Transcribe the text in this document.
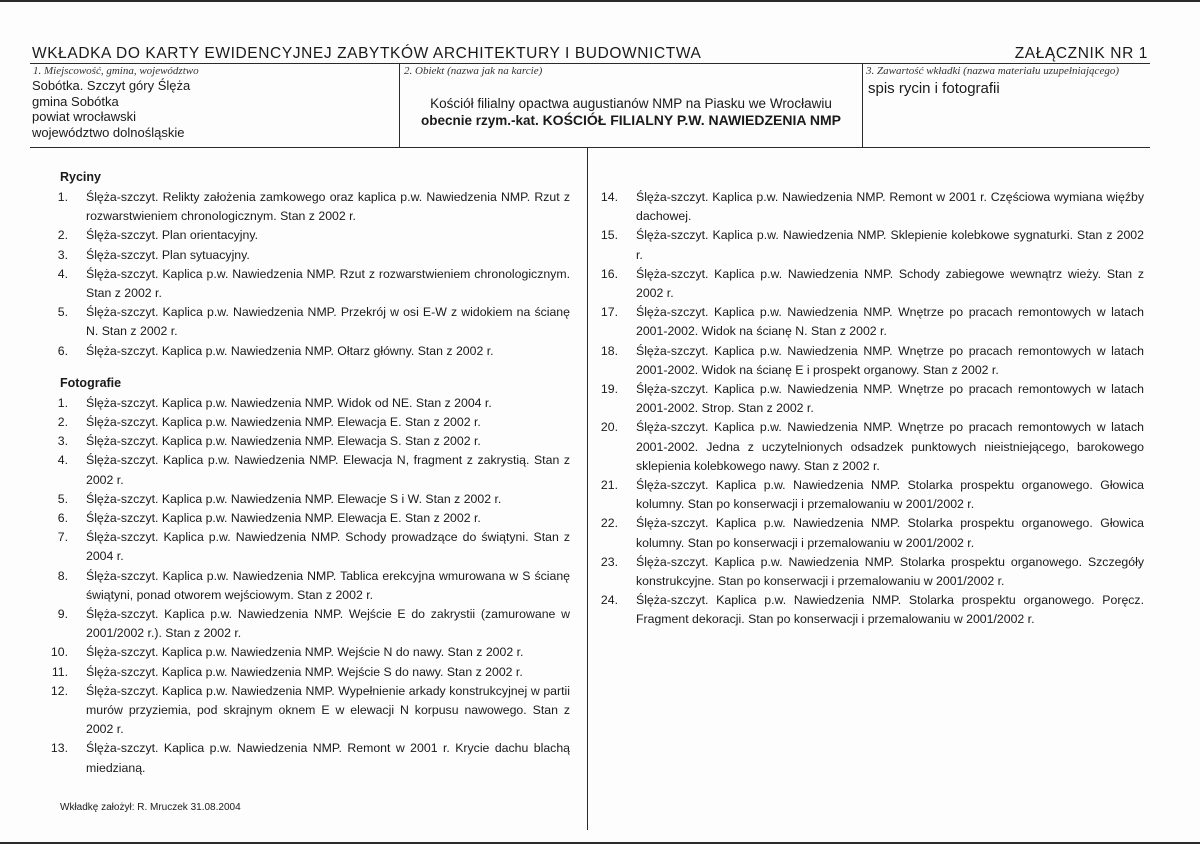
WKŁADKA DO KARTY EWIDENCYJNEJ ZABYTKÓW ARCHITEKTURY I BUDOWNICTWA	ZAŁĄCZNIK NR 1
1. Miejscowość, gmina, województwo
Sobótka. Szczyt góry Ślęża
gmina Sobótka
powiat wrocławski
województwo dolnośląskie
2. Obiekt (nazwa jak na karcie)
Kościół filialny opactwa augustianów NMP na Piasku we Wrocławiu
obecnie rzym.-kat. KOŚCIÓŁ FILIALNY P.W. NAWIEDZENIA NMP
3. Zawartość wkładki (nazwa materiału uzupełniającego)
spis rycin i fotografii
Ryciny
1. Ślęża-szczyt. Relikty założenia zamkowego oraz kaplica p.w. Nawiedzenia NMP. Rzut z rozwarstwieniem chronologicznym. Stan z 2002 r.
2. Ślęża-szczyt. Plan orientacyjny.
3. Ślęża-szczyt. Plan sytuacyjny.
4. Ślęża-szczyt. Kaplica p.w. Nawiedzenia NMP. Rzut z rozwarstwieniem chronologicznym. Stan z 2002 r.
5. Ślęża-szczyt. Kaplica p.w. Nawiedzenia NMP. Przekrój w osi E-W z widokiem na ścianę N. Stan z 2002 r.
6. Ślęża-szczyt. Kaplica p.w. Nawiedzenia NMP. Ołtarz główny. Stan z 2002 r.
Fotografie
1. Ślęża-szczyt. Kaplica p.w. Nawiedzenia NMP. Widok od NE. Stan z 2004 r.
2. Ślęża-szczyt. Kaplica p.w. Nawiedzenia NMP. Elewacja E. Stan z 2002 r.
3. Ślęża-szczyt. Kaplica p.w. Nawiedzenia NMP. Elewacja S. Stan z 2002 r.
4. Ślęża-szczyt. Kaplica p.w. Nawiedzenia NMP. Elewacja N, fragment z zakrystią. Stan z 2002 r.
5. Ślęża-szczyt. Kaplica p.w. Nawiedzenia NMP. Elewacje S i W. Stan z 2002 r.
6. Ślęża-szczyt. Kaplica p.w. Nawiedzenia NMP. Elewacja E. Stan z 2002 r.
7. Ślęża-szczyt. Kaplica p.w. Nawiedzenia NMP. Schody prowadzące do świątyni. Stan z 2004 r.
8. Ślęża-szczyt. Kaplica p.w. Nawiedzenia NMP. Tablica erekcyjna wmurowana w S ścianę świątyni, ponad otworem wejściowym. Stan z 2002 r.
9. Ślęża-szczyt. Kaplica p.w. Nawiedzenia NMP. Wejście E do zakrystii (zamurowane w 2001/2002 r.). Stan z 2002 r.
10. Ślęża-szczyt. Kaplica p.w. Nawiedzenia NMP. Wejście N do nawy. Stan z 2002 r.
11. Ślęża-szczyt. Kaplica p.w. Nawiedzenia NMP. Wejście S do nawy. Stan z 2002 r.
12. Ślęża-szczyt. Kaplica p.w. Nawiedzenia NMP. Wypełnienie arkady konstrukcyjnej w partii murów przyziemia, pod skrajnym oknem E w elewacji N korpusu nawowego. Stan z 2002 r.
13. Ślęża-szczyt. Kaplica p.w. Nawiedzenia NMP. Remont w 2001 r. Krycie dachu blachą miedzianą.
14. Ślęża-szczyt. Kaplica p.w. Nawiedzenia NMP. Remont w 2001 r. Częściowa wymiana więźby dachowej.
15. Ślęża-szczyt. Kaplica p.w. Nawiedzenia NMP. Sklepienie kolebkowe sygnaturki. Stan z 2002 r.
16. Ślęża-szczyt. Kaplica p.w. Nawiedzenia NMP. Schody zabiegowe wewnątrz wieży. Stan z 2002 r.
17. Ślęża-szczyt. Kaplica p.w. Nawiedzenia NMP. Wnętrze po pracach remontowych w latach 2001-2002. Widok na ścianę N. Stan z 2002 r.
18. Ślęża-szczyt. Kaplica p.w. Nawiedzenia NMP. Wnętrze po pracach remontowych w latach 2001-2002. Widok na ścianę E i prospekt organowy. Stan z 2002 r.
19. Ślęża-szczyt. Kaplica p.w. Nawiedzenia NMP. Wnętrze po pracach remontowych w latach 2001-2002. Strop. Stan z 2002 r.
20. Ślęża-szczyt. Kaplica p.w. Nawiedzenia NMP. Wnętrze po pracach remontowych w latach 2001-2002. Jedna z uczytelnionych odsadzek punktowych nieistniejącego, barokowego sklepienia kolebkowego nawy. Stan z 2002 r.
21. Ślęża-szczyt. Kaplica p.w. Nawiedzenia NMP. Stolarka prospektu organowego. Głowica kolumny. Stan po konserwacji i przemalowaniu w 2001/2002 r.
22. Ślęża-szczyt. Kaplica p.w. Nawiedzenia NMP. Stolarka prospektu organowego. Głowica kolumny. Stan po konserwacji i przemalowaniu w 2001/2002 r.
23. Ślęża-szczyt. Kaplica p.w. Nawiedzenia NMP. Stolarka prospektu organowego. Szczegóły konstrukcyjne. Stan po konserwacji i przemalowaniu w 2001/2002 r.
24. Ślęża-szczyt. Kaplica p.w. Nawiedzenia NMP. Stolarka prospektu organowego. Poręcz. Fragment dekoracji. Stan po konserwacji i przemalowaniu w 2001/2002 r.
Wkładkę założył: R. Mruczek 31.08.2004
